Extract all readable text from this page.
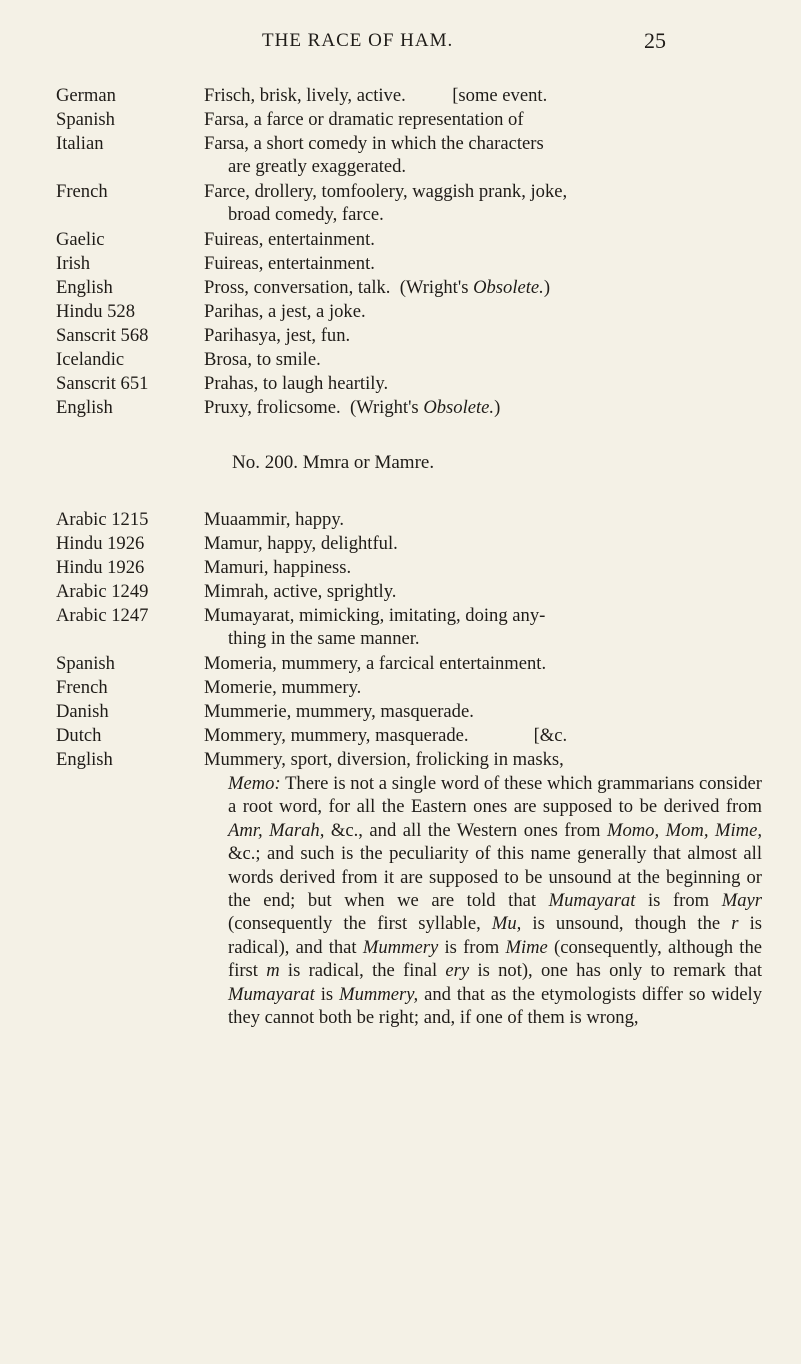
THE RACE OF HAM.	25
German	Frisch, brisk, lively, active.          [some event.
Spanish	Farsa, a farce or dramatic representation of
Italian	Farsa, a short comedy in which the characters
are greatly exaggerated.
French	Farce, drollery, tomfoolery, waggish prank, joke,
broad comedy, farce.
Gaelic	Fuireas, entertainment.
Irish	Fuireas, entertainment.
English	Pross, conversation, talk.  (Wright's Obsolete.)
Hindu 528	Parihas, a jest, a joke.
Sanscrit 568	Parihasya, jest, fun.
Icelandic	Brosa, to smile.
Sanscrit 651	Prahas, to laugh heartily.
English	Pruxy, frolicsome.  (Wright's Obsolete.)
No. 200. Mmra or Mamre.
Arabic 1215	Muaammir, happy.
Hindu 1926	Mamur, happy, delightful.
Hindu 1926	Mamuri, happiness.
Arabic 1249	Mimrah, active, sprightly.
Arabic 1247	Mumayarat, mimicking, imitating, doing any-
thing in the same manner.
Spanish	Momeria, mummery, a farcical entertainment.
French	Momerie, mummery.
Danish	Mummerie, mummery, masquerade.
Dutch	Mommery, mummery, masquerade.              [&c.
English	Mummery, sport, diversion, frolicking in masks,
Memo: There is not a single word of these which grammarians consider a root word, for all the Eastern ones are supposed to be derived from Amr, Marah, &c., and all the Western ones from Momo, Mom, Mime, &c.; and such is the peculiarity of this name generally that almost all words derived from it are supposed to be unsound at the beginning or the end; but when we are told that Mumayarat is from Mayr (consequently the first syllable, Mu, is unsound, though the r is radical), and that Mummery is from Mime (consequently, although the first m is radical, the final ery is not), one has only to remark that Mumayarat is Mummery, and that as the etymologists differ so widely they cannot both be right; and, if one of them is wrong,
